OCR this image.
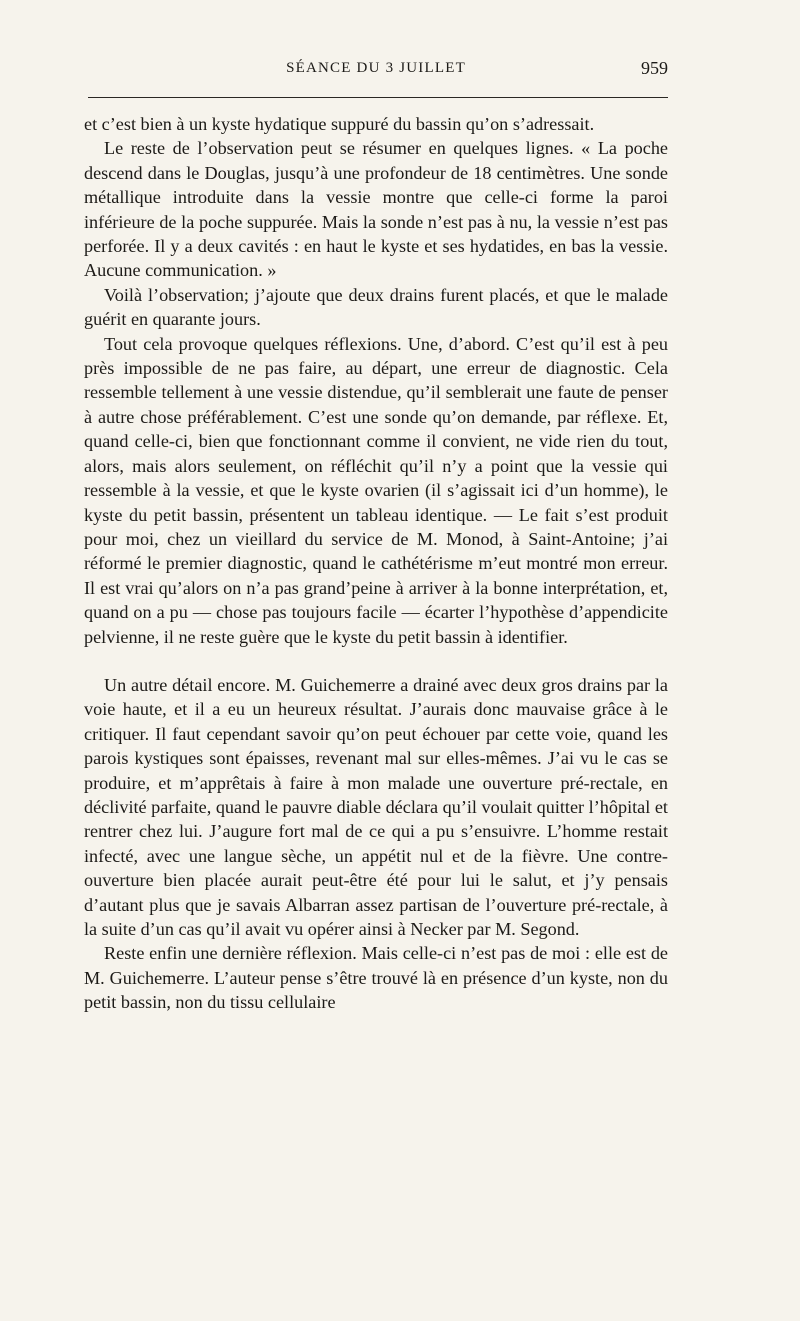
SÉANCE DU 3 JUILLET	959

et c’est bien à un kyste hydatique suppuré du bassin qu’on s’adressait.

Le reste de l’observation peut se résumer en quelques lignes. « La poche descend dans le Douglas, jusqu’à une profondeur de 18 centimètres. Une sonde métallique introduite dans la vessie montre que celle-ci forme la paroi inférieure de la poche suppurée. Mais la sonde n’est pas à nu, la vessie n’est pas perforée. Il y a deux cavités : en haut le kyste et ses hydatides, en bas la vessie. Aucune communication. »

Voilà l’observation; j’ajoute que deux drains furent placés, et que le malade guérit en quarante jours.

Tout cela provoque quelques réflexions. Une, d’abord. C’est qu’il est à peu près impossible de ne pas faire, au départ, une erreur de diagnostic. Cela ressemble tellement à une vessie distendue, qu’il semblerait une faute de penser à autre chose préférablement. C’est une sonde qu’on demande, par réflexe. Et, quand celle-ci, bien que fonctionnant comme il convient, ne vide rien du tout, alors, mais alors seulement, on réfléchit qu’il n’y a point que la vessie qui ressemble à la vessie, et que le kyste ovarien (il s’agissait ici d’un homme), le kyste du petit bassin, présentent un tableau identique. — Le fait s’est produit pour moi, chez un vieillard du service de M. Monod, à Saint-Antoine; j’ai réformé le premier diagnostic, quand le cathétérisme m’eut montré mon erreur. Il est vrai qu’alors on n’a pas grand’peine à arriver à la bonne interprétation, et, quand on a pu — chose pas toujours facile — écarter l’hypothèse d’appendicite pelvienne, il ne reste guère que le kyste du petit bassin à identifier.

Un autre détail encore. M. Guichemerre a drainé avec deux gros drains par la voie haute, et il a eu un heureux résultat. J’aurais donc mauvaise grâce à le critiquer. Il faut cependant savoir qu’on peut échouer par cette voie, quand les parois kystiques sont épaisses, revenant mal sur elles-mêmes. J’ai vu le cas se produire, et m’apprêtais à faire à mon malade une ouverture pré-rectale, en déclivité parfaite, quand le pauvre diable déclara qu’il voulait quitter l’hôpital et rentrer chez lui. J’augure fort mal de ce qui a pu s’ensuivre. L’homme restait infecté, avec une langue sèche, un appétit nul et de la fièvre. Une contre-ouverture bien placée aurait peut-être été pour lui le salut, et j’y pensais d’autant plus que je savais Albarran assez partisan de l’ouverture pré-rectale, à la suite d’un cas qu’il avait vu opérer ainsi à Necker par M. Segond.

Reste enfin une dernière réflexion. Mais celle-ci n’est pas de moi : elle est de M. Guichemerre. L’auteur pense s’être trouvé là en présence d’un kyste, non du petit bassin, non du tissu cellulaire
